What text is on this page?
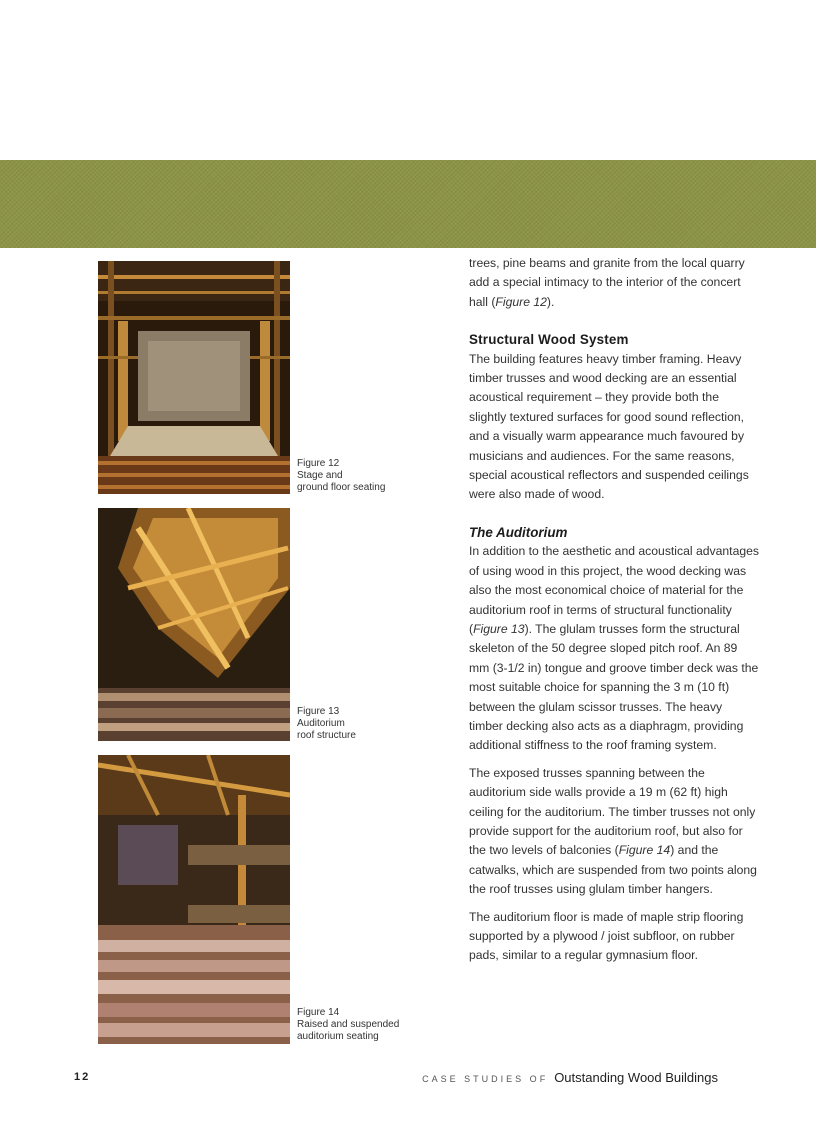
Figure 12
Stage and
ground floor seating
Figure 13
Auditorium
roof structure
Figure 14
Raised and suspended
auditorium seating

trees, pine beams and granite from the local quarry add a special intimacy to the interior of the concert hall (Figure 12).

Structural Wood System

The building features heavy timber framing. Heavy timber trusses and wood decking are an essential acoustical requirement – they provide both the slightly textured surfaces for good sound reflection, and a visually warm appearance much favoured by musicians and audiences. For the same reasons, special acoustical reflectors and suspended ceilings were also made of wood.

The Auditorium

In addition to the aesthetic and acoustical advantages of using wood in this project, the wood decking was also the most economical choice of material for the auditorium roof in terms of structural functionality (Figure 13). The glulam trusses form the structural skeleton of the 50 degree sloped pitch roof. An 89 mm (3-1/2 in) tongue and groove timber deck was the most suitable choice for spanning the 3 m (10 ft) between the glulam scissor trusses. The heavy timber decking also acts as a diaphragm, providing additional stiffness to the roof framing system.

The exposed trusses spanning between the auditorium side walls provide a 19 m (62 ft) high ceiling for the auditorium. The timber trusses not only provide support for the auditorium roof, but also for the two levels of balconies (Figure 14) and the catwalks, which are suspended from two points along the roof trusses using glulam timber hangers.

The auditorium floor is made of maple strip flooring supported by a plywood / joist subfloor, on rubber pads, similar to a regular gymnasium floor.

12	CASE STUDIES OF Outstanding Wood Buildings
